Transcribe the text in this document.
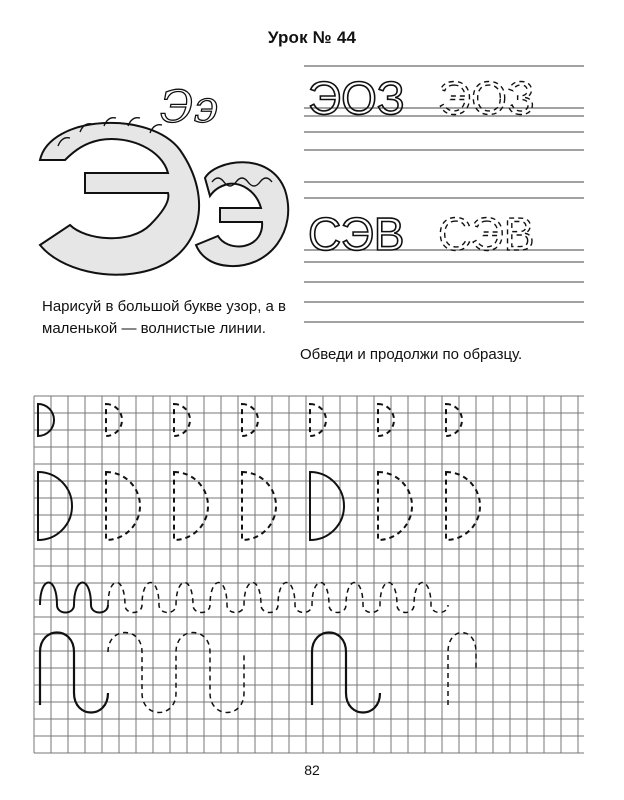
Урок № 44
Ээ ЭОЗ ЭОЗ
СЭВ СЭВ
Нарисуй в большой букве узор, а в маленькой — волнистые линии.
Обведи и продолжи по образцу.
82
